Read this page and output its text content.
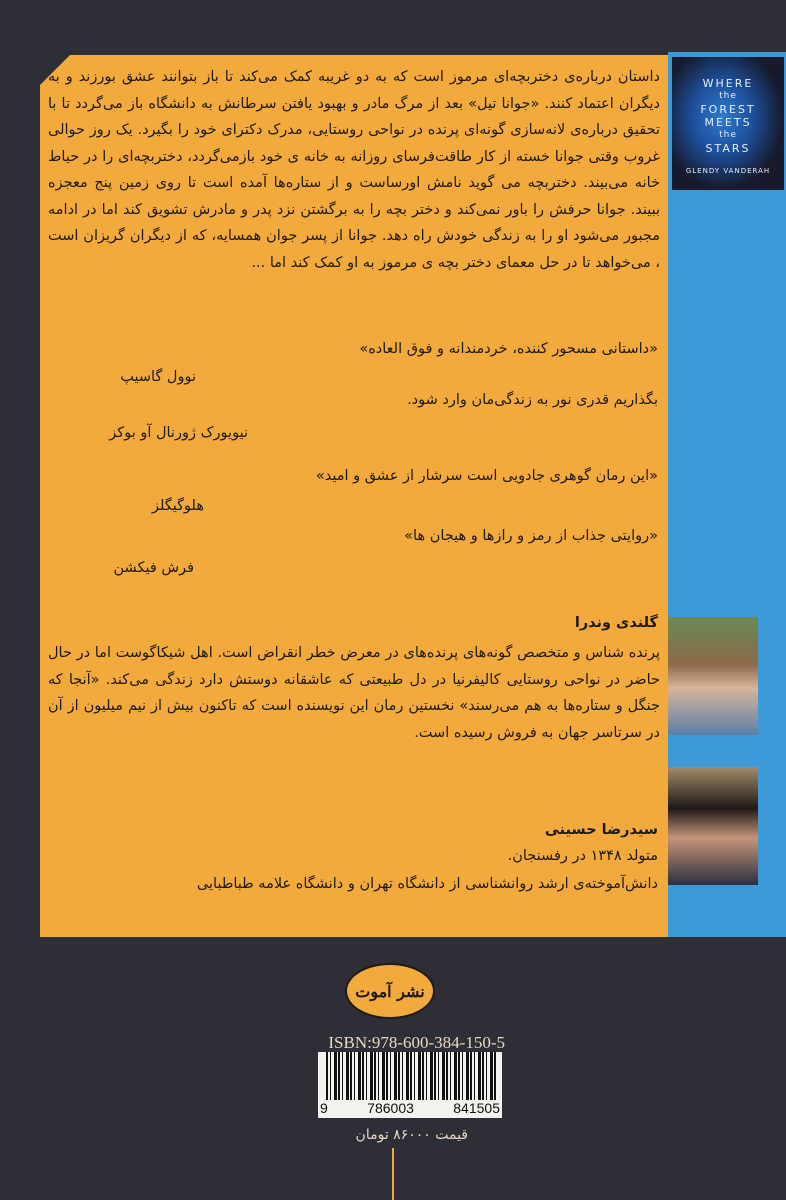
WHERE
the
FOREST
MEETS
the
STARS
GLENDY VANDERAH
داستان درباره‌ی دختربچه‌ای مرموز است که به دو غریبه کمک می‌کند تا باز بتوانند عشق بورزند و به دیگران اعتماد کنند. «جوانا تیل» بعد از مرگ مادر و بهبود یافتن سرطانش به دانشگاه باز می‌گردد تا با تحقیق درباره‌ی لانه‌سازی گونه‌ای پرنده در نواحی روستایی، مدرک دکترای خود را بگیرد. یک روز حوالی غروب وقتی جوانا خسته از کار طاقت‌فرسای روزانه به خانه ی خود بازمی‌گردد، دختربچه‌ای را در حیاط خانه می‌بیند. دختربچه می گوید نامش اورساست و از ستاره‌ها آمده است تا روی زمین پنج معجزه ببیند. جوانا حرفش را باور نمی‌کند و دختر بچه را به برگشتن نزد پدر و مادرش تشویق کند اما در ادامه مجبور می‌شود او را به زندگی خودش راه دهد. جوانا از پسر جوان همسایه، که از دیگران گریزان است ، می‌خواهد تا در حل معمای دختر بچه ی مرموز به او کمک کند اما ...
«داستانی مسحور کننده، خردمندانه و فوق العاده»
نوول گاسیپ
بگذاریم قدری نور به زندگی‌مان وارد شود.
نیویورک ژورنال آو بوکز
«این رمان گوهری جادویی است سرشار از عشق و امید»
هلوگیگلز
«روایتی جذاب از رمز و رازها و هیجان ها»
فرش فیکشن
گلندی وندرا
پرنده شناس و متخصص گونه‌های پرنده‌های در معرض خطر انقراض است. اهل شیکاگوست اما در حال حاضر در نواحی روستایی کالیفرنیا در دل طبیعتی که عاشقانه دوستش دارد زندگی می‌کند. «آنجا که جنگل و ستاره‌ها به هم می‌رسند» نخستین رمان این نویسنده است که تاکنون بیش از نیم میلیون از آن در سرتاسر جهان به فروش رسیده است.
سیدرضا حسینی
متولد ۱۳۴۸ در رفسنجان.
دانش‌آموخته‌ی ارشد روانشناسی از دانشگاه تهران و دانشگاه علامه طباطبایی
نشر آموت
ISBN:978-600-384-150-5
9	786003	841505
قیمت ۸۶۰۰۰ تومان
